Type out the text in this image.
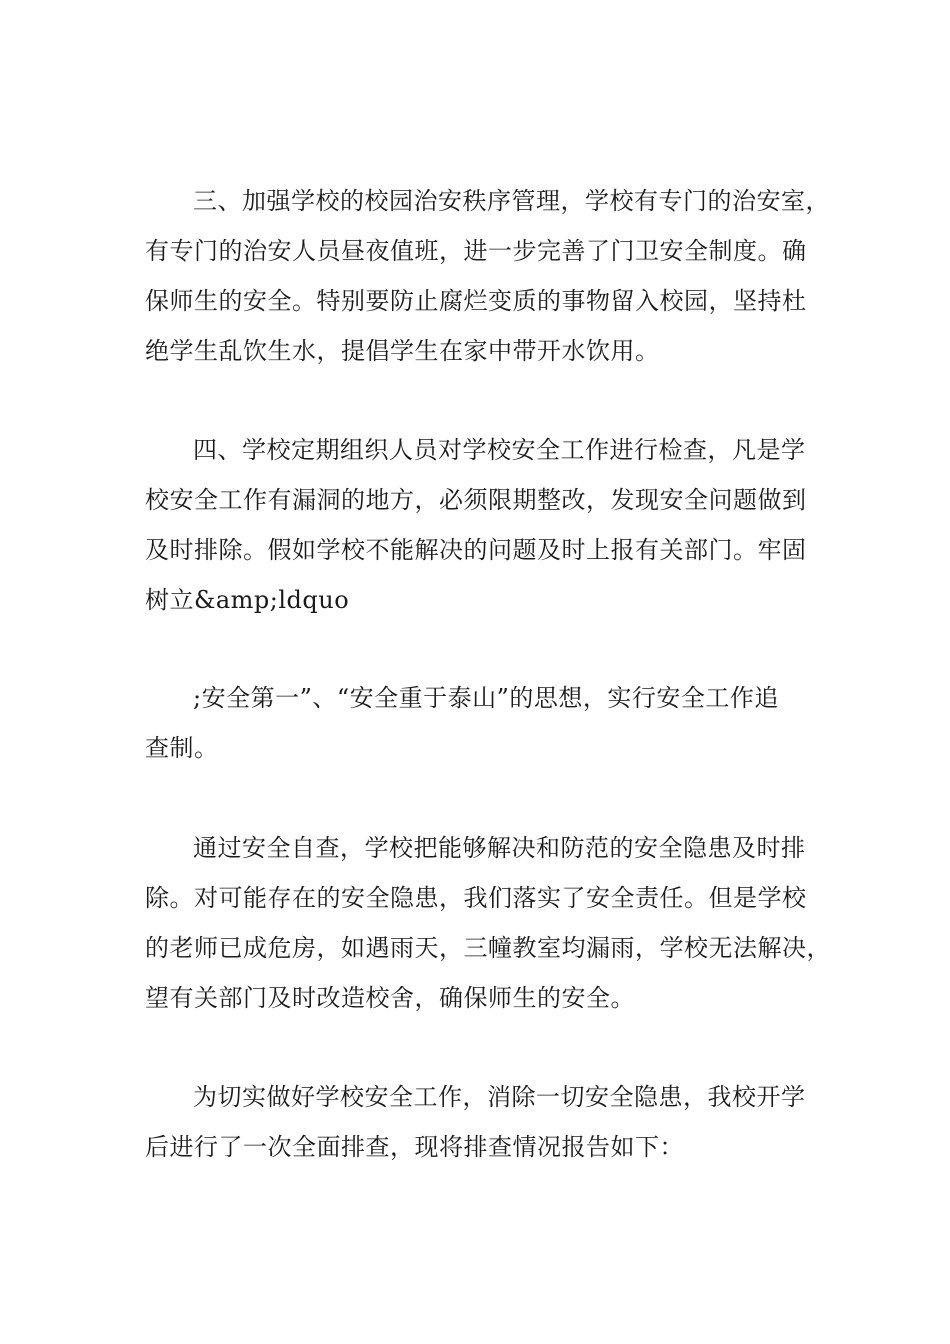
三、加强学校的校园治安秩序管理，学校有专门的治安室，
有专门的治安人员昼夜值班，进一步完善了门卫安全制度。确
保师生的安全。特别要防止腐烂变质的事物留入校园，坚持杜
绝学生乱饮生水，提倡学生在家中带开水饮用。
四、学校定期组织人员对学校安全工作进行检查，凡是学
校安全工作有漏洞的地方，必须限期整改，发现安全问题做到
及时排除。假如学校不能解决的问题及时上报有关部门。牢固
树立&amp;ldquo
;安全第一”、“安全重于泰山”的思想，实行安全工作追
查制。
通过安全自查，学校把能够解决和防范的安全隐患及时排
除。对可能存在的安全隐患，我们落实了安全责任。但是学校
的老师已成危房，如遇雨天，三幢教室均漏雨，学校无法解决，
望有关部门及时改造校舍，确保师生的安全。
为切实做好学校安全工作，消除一切安全隐患，我校开学
后进行了一次全面排查，现将排查情况报告如下：
